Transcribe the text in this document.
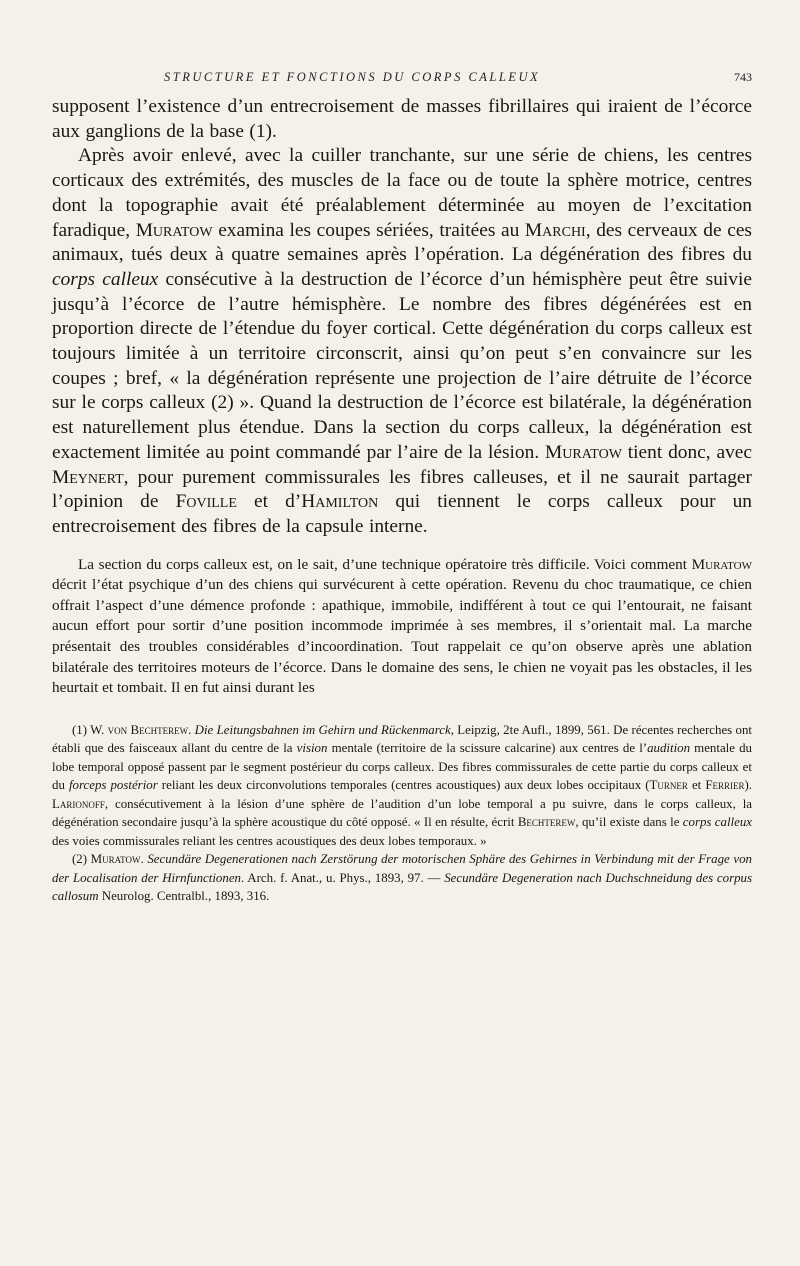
STRUCTURE ET FONCTIONS DU CORPS CALLEUX	743

supposent l’existence d’un entrecroisement de masses fibrillaires qui iraient de l’écorce aux ganglions de la base (1).

Après avoir enlevé, avec la cuiller tranchante, sur une série de chiens, les centres corticaux des extrémités, des muscles de la face ou de toute la sphère motrice, centres dont la topographie avait été préalablement déterminée au moyen de l’excitation faradique, Muratow examina les coupes sériées, traitées au Marchi, des cerveaux de ces animaux, tués deux à quatre semaines après l’opération. La dégénération des fibres du corps calleux consécutive à la destruction de l’écorce d’un hémisphère peut être suivie jusqu’à l’écorce de l’autre hémisphère. Le nombre des fibres dégénérées est en proportion directe de l’étendue du foyer cortical. Cette dégénération du corps calleux est toujours limitée à un territoire circonscrit, ainsi qu’on peut s’en convaincre sur les coupes ; bref, « la dégénération représente une projection de l’aire détruite de l’écorce sur le corps calleux (2) ». Quand la destruction de l’écorce est bilatérale, la dégénération est naturellement plus étendue. Dans la section du corps calleux, la dégénération est exactement limitée au point commandé par l’aire de la lésion. Muratow tient donc, avec Meynert, pour purement commissurales les fibres calleuses, et il ne saurait partager l’opinion de Foville et d’Hamilton qui tiennent le corps calleux pour un entrecroisement des fibres de la capsule interne.

La section du corps calleux est, on le sait, d’une technique opératoire très difficile. Voici comment Muratow décrit l’état psychique d’un des chiens qui survécurent à cette opération. Revenu du choc traumatique, ce chien offrait l’aspect d’une démence profonde : apathique, immobile, indifférent à tout ce qui l’entourait, ne faisant aucun effort pour sortir d’une position incommode imprimée à ses membres, il s’orientait mal. La marche présentait des troubles considérables d’incoordination. Tout rappelait ce qu’on observe après une ablation bilatérale des territoires moteurs de l’écorce. Dans le domaine des sens, le chien ne voyait pas les obstacles, il les heurtait et tombait. Il en fut ainsi durant les

(1) W. von Bechterew. Die Leitungsbahnen im Gehirn und Rückenmarck, Leipzig, 2te Aufl., 1899, 561. De récentes recherches ont établi que des faisceaux allant du centre de la vision mentale (territoire de la scissure calcarine) aux centres de l’audition mentale du lobe temporal opposé passent par le segment postérieur du corps calleux. Des fibres commissurales de cette partie du corps calleux et du forceps postérior reliant les deux circonvolutions temporales (centres acoustiques) aux deux lobes occipitaux (Turner et Ferrier). Larionoff, consécutivement à la lésion d’une sphère de l’audition d’un lobe temporal a pu suivre, dans le corps calleux, la dégénération secondaire jusqu’à la sphère acoustique du côté opposé. « Il en résulte, écrit Bechterew, qu’il existe dans le corps calleux des voies commissurales reliant les centres acoustiques des deux lobes temporaux. »

(2) Muratow. Secundäre Degenerationen nach Zerstörung der motorischen Sphäre des Gehirnes in Verbindung mit der Frage von der Localisation der Hirnfunctionen. Arch. f. Anat., u. Phys., 1893, 97. — Secundäre Degeneration nach Duchschneidung des corpus callosum Neurolog. Centralbl., 1893, 316.
